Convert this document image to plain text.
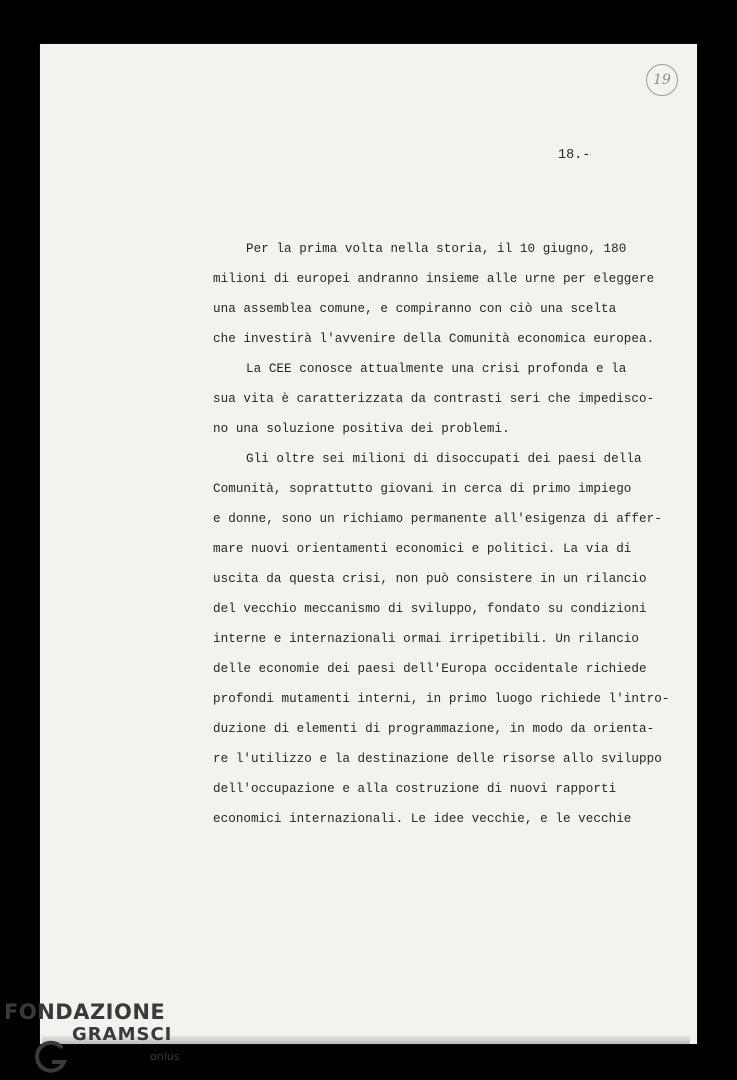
19
18.-
Per la prima volta nella storia, il 10 giugno, 180
milioni di europei andranno insieme alle urne per eleggere
una assemblea comune, e compiranno con ciò una scelta
che investirà l'avvenire della Comunità economica europea.
La CEE conosce attualmente una crisi profonda e la
sua vita è caratterizzata da contrasti seri che impedisco-
no una soluzione positiva dei problemi.
Gli oltre sei milioni di disoccupati dei paesi della
Comunità, soprattutto giovani in cerca di primo impiego
e donne, sono un richiamo permanente all'esigenza di affer-
mare nuovi orientamenti economici e politici. La via di
uscita da questa crisi, non può consistere in un rilancio
del vecchio meccanismo di sviluppo, fondato su condizioni
interne e internazionali ormai irripetibili. Un rilancio
delle economie dei paesi dell'Europa occidentale richiede
profondi mutamenti interni, in primo luogo richiede l'intro-
duzione di elementi di programmazione, in modo da orienta-
re l'utilizzo e la destinazione delle risorse allo sviluppo
dell'occupazione e alla costruzione di nuovi rapporti
economici internazionali. Le idee vecchie, e le vecchie
FONDAZIONE
GRAMSCI
onlus
